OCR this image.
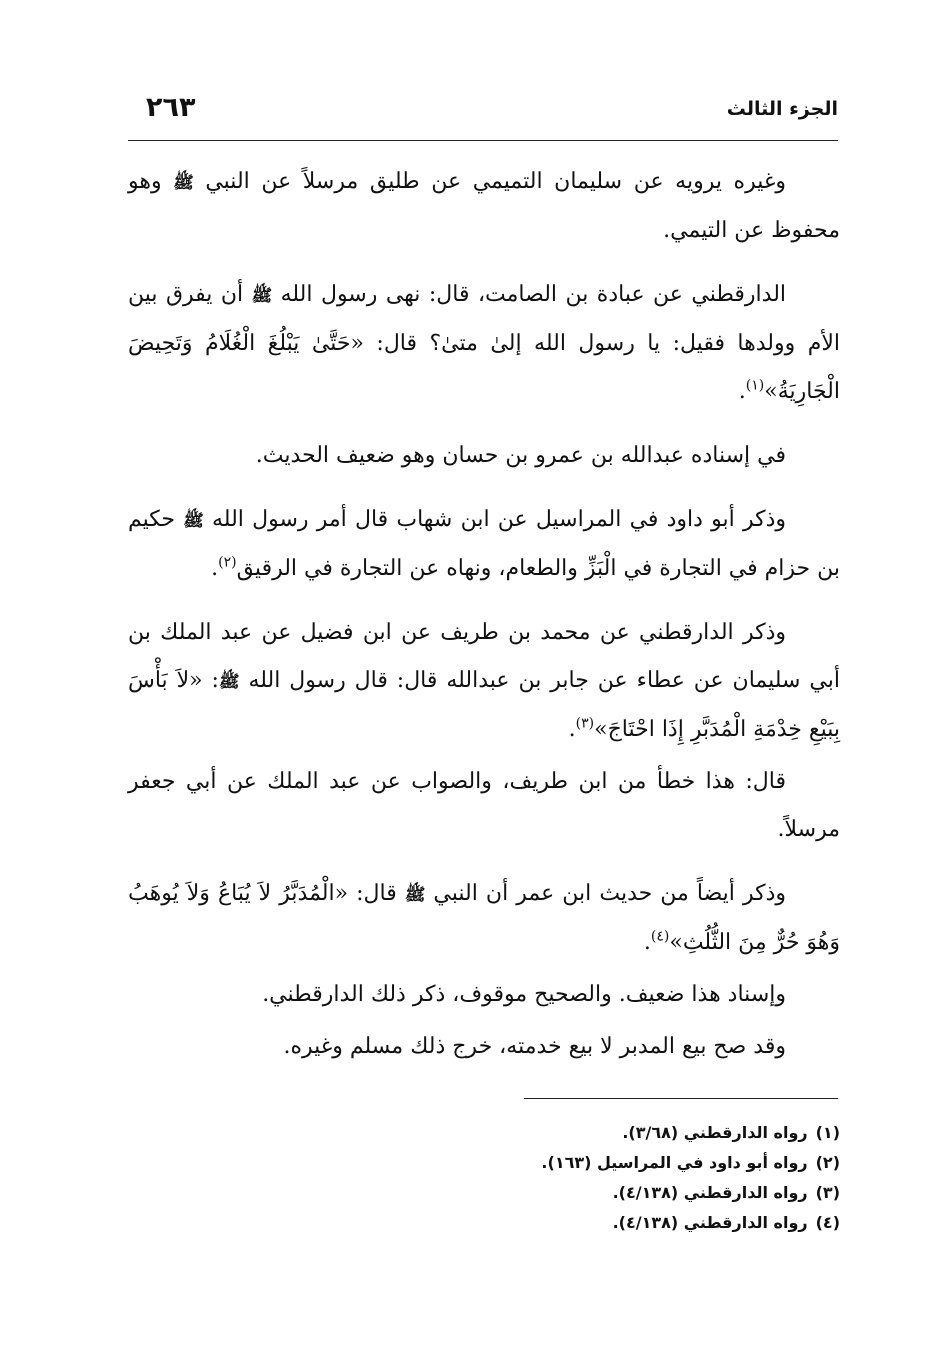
الجزء الثالث
٢٦٣

وغيره يرويه عن سليمان التميمي عن طليق مرسلاً عن النبي ﷺ وهو محفوظ عن التيمي.

الدارقطني عن عبادة بن الصامت، قال: نهى رسول الله ﷺ أن يفرق بين الأم وولدها فقيل: يا رسول الله إلىٰ متىٰ؟ قال: «حَتَّىٰ يَبْلُغَ الْغُلَامُ وَتَحِيضَ الْجَارِيَةُ»$^{(١)}$.

في إسناده عبدالله بن عمرو بن حسان وهو ضعيف الحديث.

وذكر أبو داود في المراسيل عن ابن شهاب قال أمر رسول الله ﷺ حكيم بن حزام في التجارة في الْبَزِّ والطعام، ونهاه عن التجارة في الرقيق$^{(٢)}$.

وذكر الدارقطني عن محمد بن طريف عن ابن فضيل عن عبد الملك بن أبي سليمان عن عطاء عن جابر بن عبدالله قال: قال رسول الله ﷺ: «لاَ بَأْسَ بِبَيْعِ خِدْمَةِ الْمُدَبَّرِ إِذَا احْتَاجَ»$^{(٣)}$.

قال: هذا خطأ من ابن طريف، والصواب عن عبد الملك عن أبي جعفر مرسلاً.

وذكر أيضاً من حديث ابن عمر أن النبي ﷺ قال: «الْمُدَبَّرُ لاَ يُبَاعُ وَلاَ يُوهَبُ وَهُوَ حُرٌّ مِنَ الثُّلُثِ»$^{(٤)}$.

وإسناد هذا ضعيف. والصحيح موقوف، ذكر ذلك الدارقطني.

وقد صح بيع المدبر لا بيع خدمته، خرج ذلك مسلم وغيره.

(١)رواه الدارقطني (٣/٦٨).

(٢)رواه أبو داود في المراسيل (١٦٣).

(٣)رواه الدارقطني (٤/١٣٨).

(٤)رواه الدارقطني (٤/١٣٨).
